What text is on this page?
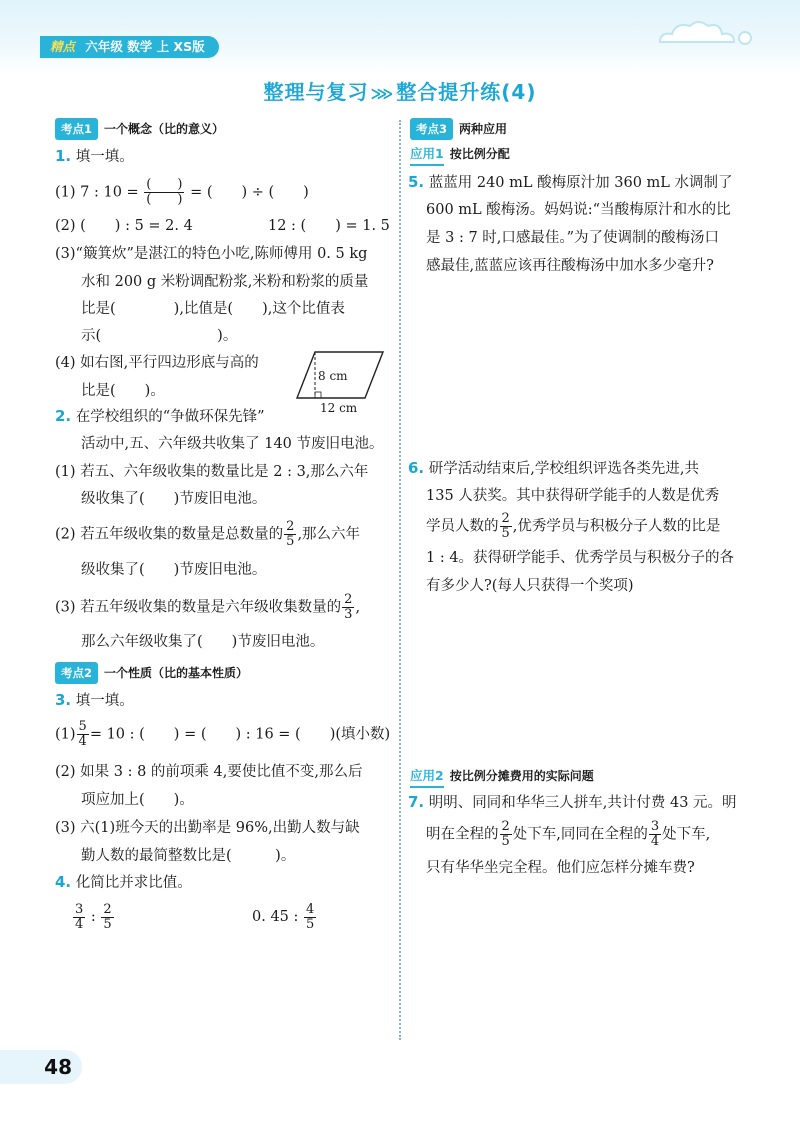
精点 六年级 数学 上 XS版
整理与复习 ⋙ 整合提升练(4)
考点1 一个概念（比的意义）
1. 填一填。
(1) 7 : $10 = \frac{( )}{( )}$ = (　　) ÷ (　　)
(2) (　　) : 5 = 2. 4	12 : (　　) = 1. 5
(3)“簸箕炊”是湛江的特色小吃,陈师傅用 0. 5 kg
水和 200 g 米粉调配粉浆,米粉和粉浆的质量
比是(　　　　),比值是(　　),这个比值表
示(　　　　　　　　)。
(4) 如右图,平行四边形底与高的
比是(　　)。
8 cm
12 cm
2. 在学校组织的“争做环保先锋”
活动中,五、六年级共收集了 140 节废旧电池。
(1) 若五、六年级收集的数量比是 2 : 3,那么六年
级收集了(　　)节废旧电池。
(2) 若五年级收集的数量是总数量的 $\frac{2}{5}$ ,那么六年
级收集了(　　)节废旧电池。
(3) 若五年级收集的数量是六年级收集数量的 $\frac{2}{3}$ ,
那么六年级收集了(　　)节废旧电池。
考点2 一个性质（比的基本性质）
3. 填一填。
$(1) \frac{5}{4} = 10$ : (　　) = (　　) : 16 = (　　)(填小数)
(2) 如果 3 : 8 的前项乘 4,要使比值不变,那么后
项应加上(　　)。
(3) 六(1)班今天的出勤率是 96%,出勤人数与缺
勤人数的最简整数比是(　　　)。
4. 化简比并求比值。
$\frac{3}{4}$ : $\frac{2}{5}$	0. 45 : $\frac{4}{5}$
考点3 两种应用
应用1 按比例分配
5. 蓝蓝用 240 mL 酸梅原汁加 360 mL 水调制了
600 mL 酸梅汤。妈妈说:“当酸梅原汁和水的比
是 3 : 7 时,口感最佳。”为了使调制的酸梅汤口
感最佳,蓝蓝应该再往酸梅汤中加水多少毫升?
6. 研学活动结束后,学校组织评选各类先进,共
135 人获奖。其中获得研学能手的人数是优秀
学员人数的 $\frac{2}{5}$ ,优秀学员与积极分子人数的比是
1 : 4。获得研学能手、优秀学员与积极分子的各
有多少人?(每人只获得一个奖项)
应用2 按比例分摊费用的实际问题
7. 明明、同同和华华三人拼车,共计付费 43 元。明
明在全程的 $\frac{2}{5}$ 处下车,同同在全程的 $\frac{3}{4}$ 处下车,
只有华华坐完全程。他们应怎样分摊车费?
48
